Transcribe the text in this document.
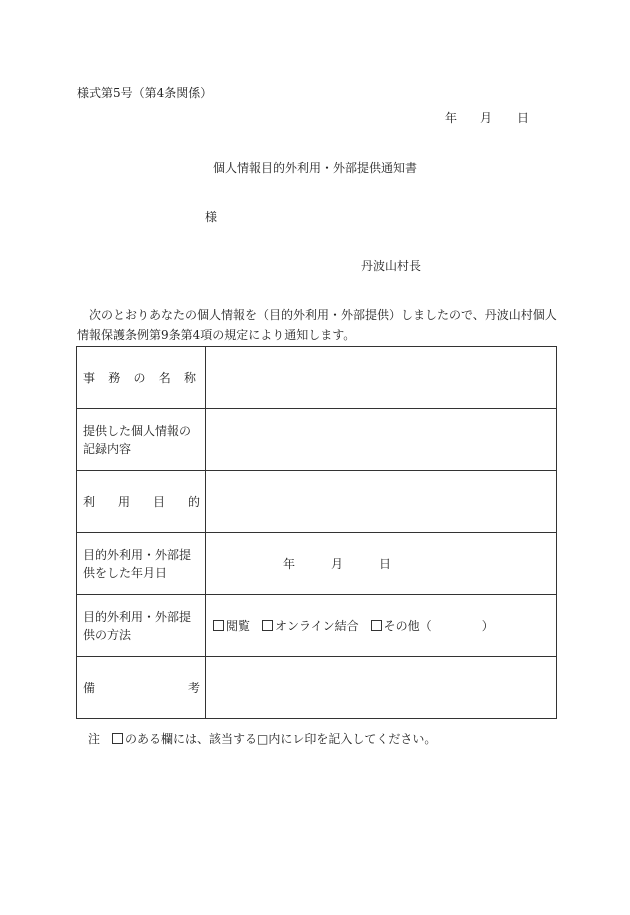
様式第5号（第4条関係）
年 月 日
個人情報目的外利用・外部提供通知書
様
丹波山村長
次のとおりあなたの個人情報を（目的外利用・外部提供）しましたので、丹波山村個人情報保護条例第9条第4項の規定により通知します。
事 務 の 名 称	

提供した個人情報の記録内容	

利 用 目 的	

目的外利用・外部提供をした年月日	年 月 日

目的外利用・外部提供の方法	閲覧 オンライン結合 その他（ ）

備 考	

注 のある欄には、該当する□内にレ印を記入してください。
